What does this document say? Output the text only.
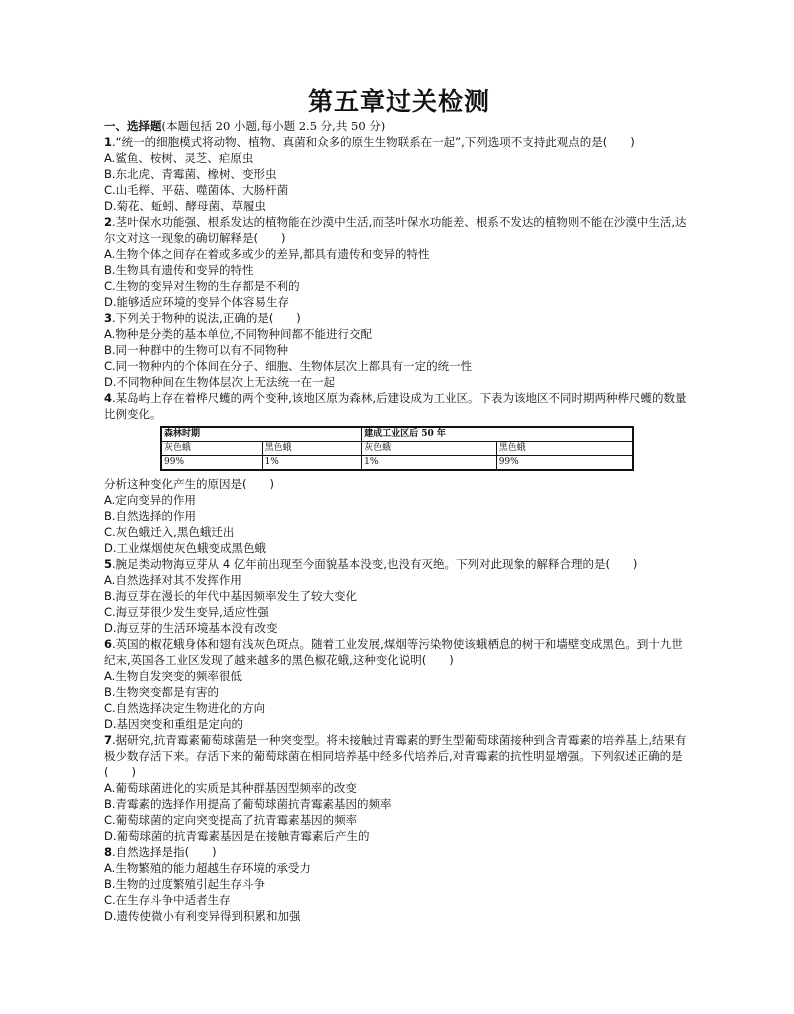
第五章过关检测
一、选择题(本题包括 20 小题,每小题 2.5 分,共 50 分)
1.“统一的细胞模式将动物、植物、真菌和众多的原生生物联系在一起”,下列选项不支持此观点的是(　　)
A.鲨鱼、桉树、灵芝、疟原虫
B.东北虎、青霉菌、橡树、变形虫
C.山毛榉、平菇、噬菌体、大肠杆菌
D.菊花、蚯蚓、酵母菌、草履虫
2.茎叶保水功能强、根系发达的植物能在沙漠中生活,而茎叶保水功能差、根系不发达的植物则不能在沙漠中生活,达尔文对这一现象的确切解释是(　　)
A.生物个体之间存在着或多或少的差异,都具有遗传和变异的特性
B.生物具有遗传和变异的特性
C.生物的变异对生物的生存都是不利的
D.能够适应环境的变异个体容易生存
3.下列关于物种的说法,正确的是(　　)
A.物种是分类的基本单位,不同物种间都不能进行交配
B.同一种群中的生物可以有不同物种
C.同一物种内的个体间在分子、细胞、生物体层次上都具有一定的统一性
D.不同物种间在生物体层次上无法统一在一起
4.某岛屿上存在着桦尺蠖的两个变种,该地区原为森林,后建设成为工业区。下表为该地区不同时期两种桦尺蠖的数量比例变化。
森林时期		建成工业区后 50 年	
灰色蛾	黑色蛾	灰色蛾	黑色蛾
99%	1%	1%	99%
分析这种变化产生的原因是(　　)
A.定向变异的作用
B.自然选择的作用
C.灰色蛾迁入,黑色蛾迁出
D.工业煤烟使灰色蛾变成黑色蛾
5.腕足类动物海豆芽从 4 亿年前出现至今面貌基本没变,也没有灭绝。下列对此现象的解释合理的是(　　)
A.自然选择对其不发挥作用
B.海豆芽在漫长的年代中基因频率发生了较大变化
C.海豆芽很少发生变异,适应性强
D.海豆芽的生活环境基本没有改变
6.英国的椒花蛾身体和翅有浅灰色斑点。随着工业发展,煤烟等污染物使该蛾栖息的树干和墙壁变成黑色。到十九世纪末,英国各工业区发现了越来越多的黑色椒花蛾,这种变化说明(　　)
A.生物自发突变的频率很低
B.生物突变都是有害的
C.自然选择决定生物进化的方向
D.基因突变和重组是定向的
7.据研究,抗青霉素葡萄球菌是一种突变型。将未接触过青霉素的野生型葡萄球菌接种到含青霉素的培养基上,结果有极少数存活下来。存活下来的葡萄球菌在相同培养基中经多代培养后,对青霉素的抗性明显增强。下列叙述正确的是(　　)
A.葡萄球菌进化的实质是其种群基因型频率的改变
B.青霉素的选择作用提高了葡萄球菌抗青霉素基因的频率
C.葡萄球菌的定向突变提高了抗青霉素基因的频率
D.葡萄球菌的抗青霉素基因是在接触青霉素后产生的
8.自然选择是指(　　)
A.生物繁殖的能力超越生存环境的承受力
B.生物的过度繁殖引起生存斗争
C.在生存斗争中适者生存
D.遗传使微小有利变异得到积累和加强
